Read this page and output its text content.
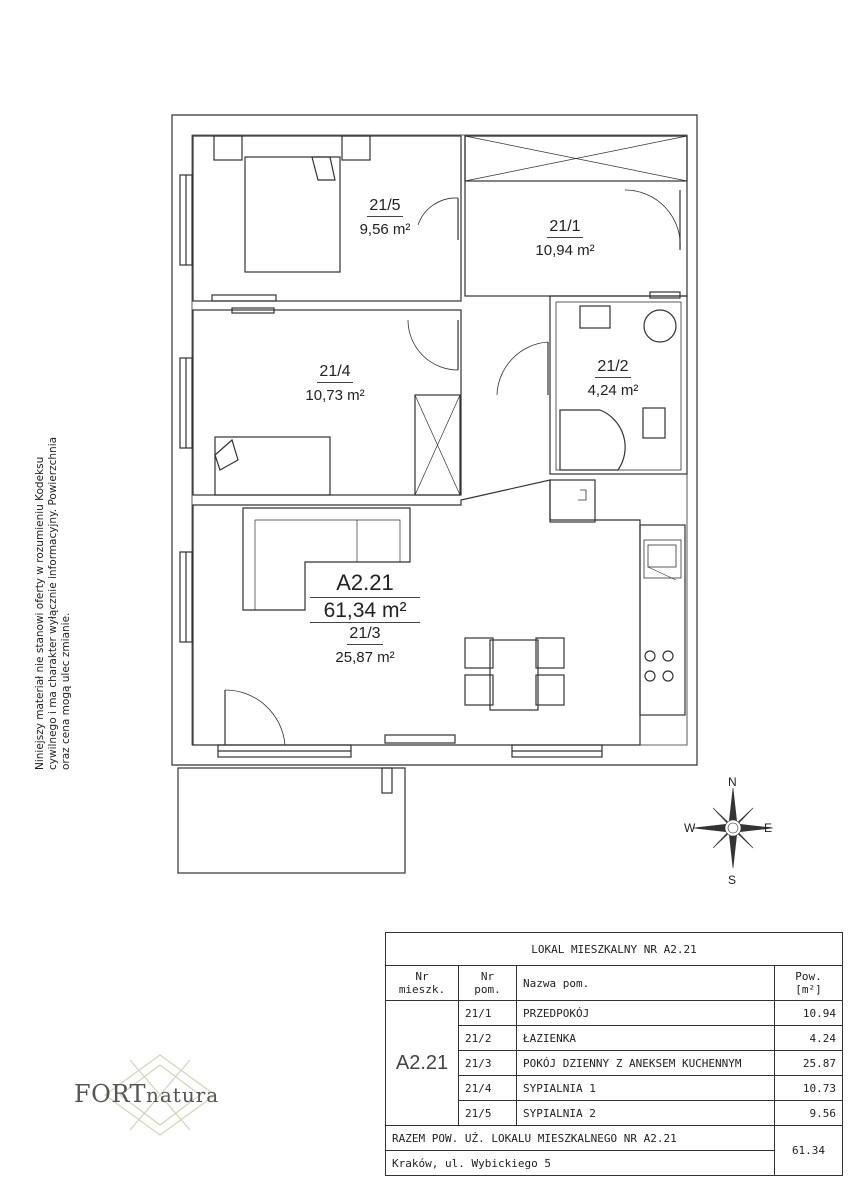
21/5
9,56 m²	21/1
10,94 m²
21/4
10,73 m²
21/2
4,24 m²
A2.21
61,34 m²
21/3
25,87 m²
Niniejszy materiał nie stanowi oferty w rozumieniu Kodeksu cywilnego i ma charakter wyłącznie informacyjny. Powierzchnia oraz cena mogą ulec zmianie.
N
S
E
W
FORTnatura
LOKAL MIESZKALNY NR A2.21			
Nr mieszk.	Nr pom.	Nazwa pom.	Pow. [m²]
A2.21	21/1	PRZEDPOKÓJ	10.94
	21/2	ŁAZIENKA	4.24
	21/3	POKÓJ DZIENNY Z ANEKSEM KUCHENNYM	25.87
	21/4	SYPIALNIA 1	10.73
	21/5	SYPIALNIA 2	9.56
RAZEM POW. UŻ. LOKALU MIESZKALNEGO NR A2.21			61.34
Kraków, ul. Wybickiego 5			
